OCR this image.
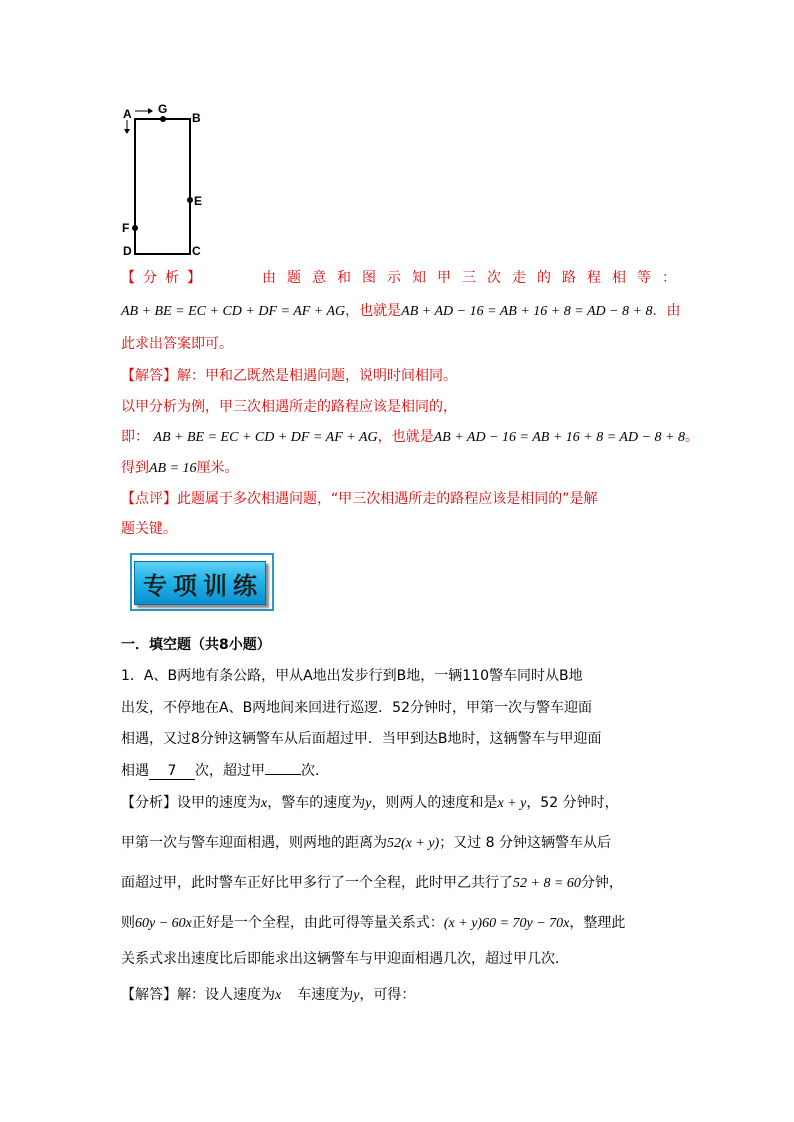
A G
B
E
F
D	C
【分析】	由题意和图示知甲三次走的路程相等：
AB + BE = EC + CD + DF = AF + AG，也就是AB + AD − 16 = AB + 16 + 8 = AD − 8 + 8．由
此求出答案即可。
【解答】解：甲和乙既然是相遇问题，说明时间相同。
以甲分析为例，甲三次相遇所走的路程应该是相同的，
即： AB + BE = EC + CD + DF = AF + AG，也就是AB + AD − 16 = AB + 16 + 8 = AD − 8 + 8。
得到AB = 16厘米。
【点评】此题属于多次相遇问题，“甲三次相遇所走的路程应该是相同的”是解
题关键。
专项训练
一．填空题（共8小题）
1．A、B两地有条公路，甲从A地出发步行到B地，一辆110警车同时从B地
出发，不停地在A、B两地间来回进行巡逻．52分钟时，甲第一次与警车迎面
相遇，又过8分钟这辆警车从后面超过甲．当甲到达B地时，这辆警车与甲迎面
相遇 7 次，超过甲	次．
【分析】设甲的速度为x，警车的速度为y，则两人的速度和是x + y，52 分钟时，
甲第一次与警车迎面相遇，则两地的距离为52(x + y)；又过 8 分钟这辆警车从后
面超过甲，此时警车正好比甲多行了一个全程，此时甲乙共行了52 + 8 = 60分钟，
则60y − 60x正好是一个全程，由此可得等量关系式：(x + y)60 = 70y − 70x，整理此
关系式求出速度比后即能求出这辆警车与甲迎面相遇几次，超过甲几次．
【解答】解：设人速度为x 车速度为y，可得：
